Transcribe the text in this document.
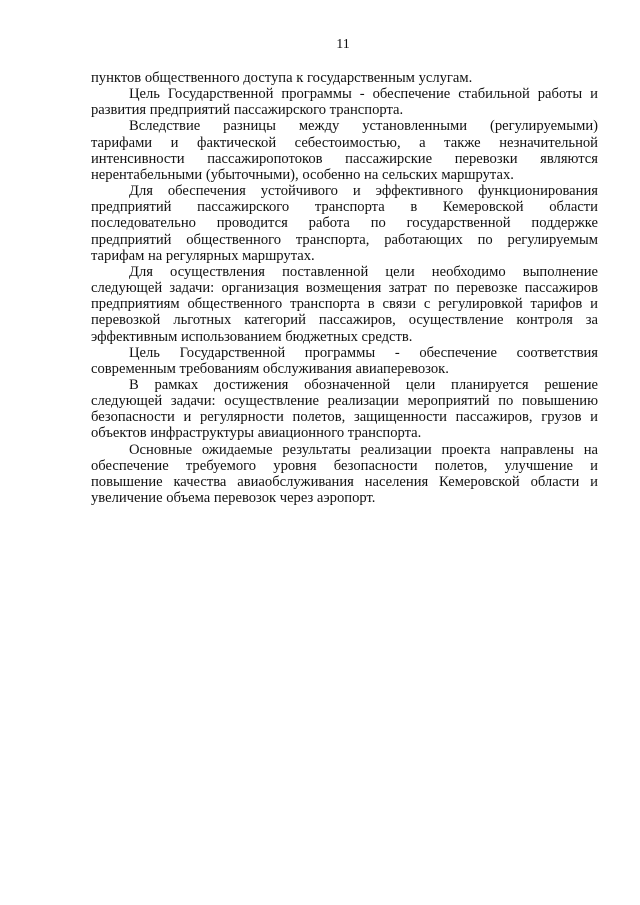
11
пунктов общественного доступа к государственным услугам.
Цель Государственной программы - обеспечение стабильной работы и
развития предприятий пассажирского транспорта.
Вследствие разницы между установленными (регулируемыми)
тарифами и фактической себестоимостью, а также незначительной
интенсивности пассажиропотоков пассажирские перевозки являются
нерентабельными (убыточными), особенно на сельских маршрутах.
Для обеспечения устойчивого и эффективного функционирования
предприятий пассажирского транспорта в Кемеровской области
последовательно проводится работа по государственной поддержке
предприятий общественного транспорта, работающих по регулируемым
тарифам на регулярных маршрутах.
Для осуществления поставленной цели необходимо выполнение
следующей задачи: организация возмещения затрат по перевозке пассажиров
предприятиям общественного транспорта в связи с регулировкой тарифов и
перевозкой льготных категорий пассажиров, осуществление контроля за
эффективным использованием бюджетных средств.
Цель Государственной программы - обеспечение соответствия
современным требованиям обслуживания авиаперевозок.
В рамках достижения обозначенной цели планируется решение
следующей задачи: осуществление реализации мероприятий по повышению
безопасности и регулярности полетов, защищенности пассажиров, грузов и
объектов инфраструктуры авиационного транспорта.
Основные ожидаемые результаты реализации проекта направлены на
обеспечение требуемого уровня безопасности полетов, улучшение и
повышение качества авиаобслуживания населения Кемеровской области и
увеличение объема перевозок через аэропорт.
